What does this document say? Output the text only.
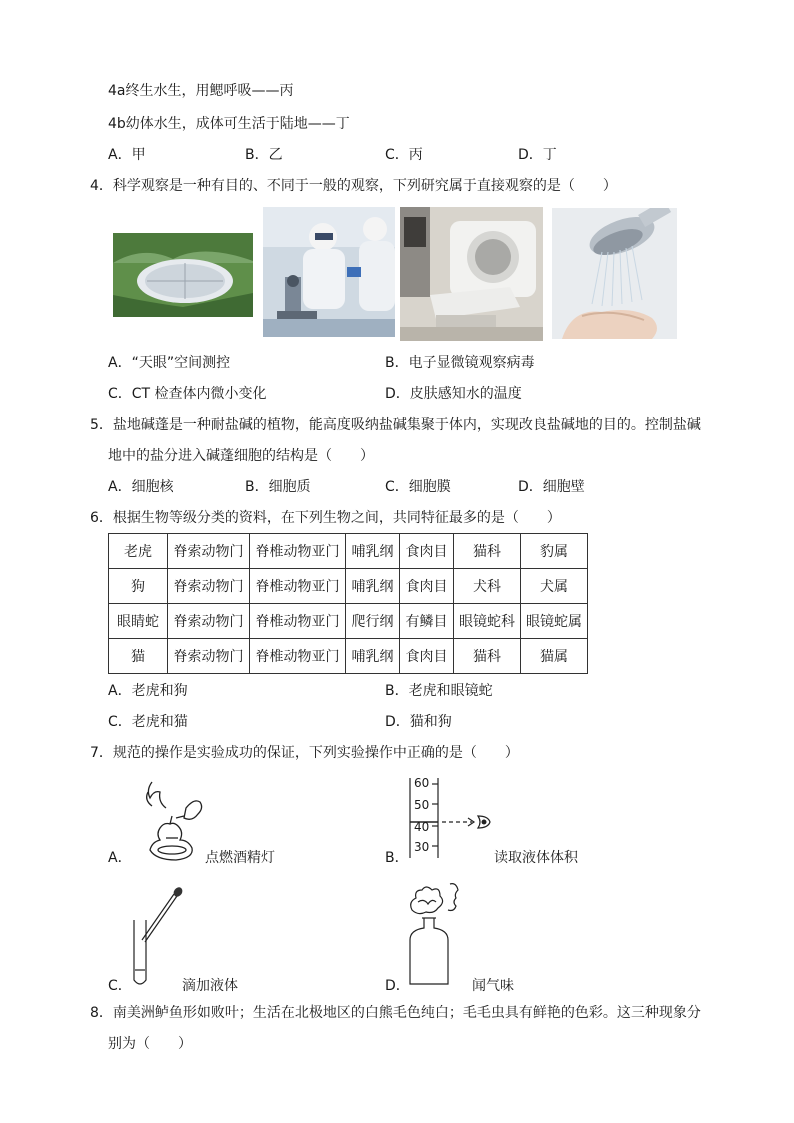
4a终生水生，用鳃呼吸——丙
4b幼体水生，成体可生活于陆地——丁
A．甲	B．乙	C．丙	D．丁
4．科学观察是一种有目的、不同于一般的观察，下列研究属于直接观察的是（　　）
A．“天眼”空间测控	B．电子显微镜观察病毒
C．CT 检查体内微小变化	D．皮肤感知水的温度
5．盐地碱蓬是一种耐盐碱的植物，能高度吸纳盐碱集聚于体内，实现改良盐碱地的目的。控制盐碱
地中的盐分进入碱蓬细胞的结构是（　　）
A．细胞核	B．细胞质	C．细胞膜	D．细胞壁
6．根据生物等级分类的资料，在下列生物之间，共同特征最多的是（　　）
老虎	脊索动物门	脊椎动物亚门	哺乳纲	食肉目	猫科	豹属
狗	脊索动物门	脊椎动物亚门	哺乳纲	食肉目	犬科	犬属
眼睛蛇	脊索动物门	脊椎动物亚门	爬行纲	有鳞目	眼镜蛇科	眼镜蛇属
猫	脊索动物门	脊椎动物亚门	哺乳纲	食肉目	猫科	猫属
A．老虎和狗	B．老虎和眼镜蛇
C．老虎和猫	D．猫和狗
7．规范的操作是实验成功的保证，下列实验操作中正确的是（　　）
A．	点燃酒精灯	B．
60
50
40
30
读取液体体积
C．	滴加液体	D．	闻气味
8．南美洲鲈鱼形如败叶；生活在北极地区的白熊毛色纯白；毛毛虫具有鲜艳的色彩。这三种现象分
别为（　　）
